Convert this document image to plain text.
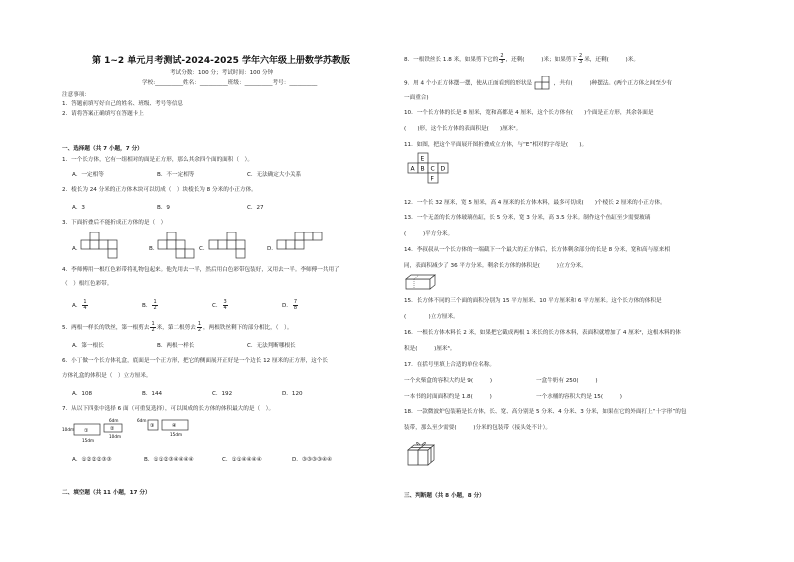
第 1~2 单元月考测试-2024-2025 学年六年级上册数学苏教版
考试分数：100 分；考试时间：100 分钟
学校:__________姓名：__________班级：__________考号：__________
注意事项：
1．答题前填写好自己的姓名、班级、考号等信息
2．请将答案正确填写在答题卡上
一、选择题（共 7 小题，7 分）
1．一个长方体，它有一组相对的面是正方形，那么其余四个面的面积（　）。
A．一定相等	B．不一定相等	C．无法确定大小关系
2．棱长为 24 分米的正方体木块可以切成（　）块棱长为 8 分米的小正方体。
A．3	B．9	C．27
3．下面折叠后不能折成正方体的是（　）
A．	B．	C．	D．
4．李师傅用一根红色彩带将礼物包起来。他先用去一半，然后用白色彩带包装好，又用去一半。李师傅一共用了
（　）根红色彩带。
A． $\frac{1}{4}$	B． $\frac{1}{2}$	C． $\frac{3}{4}$	D． $\frac{7}{8}$
5．两根一样长的铁丝，第一根剪去 $\frac{1}{2}$ 米，第二根剪去 $\frac{1}{2}$ ，两根铁丝剩下的部分相比，（　）。
A．第一根长	B．两根一样长	C．无法判断哪根长
6．小丁做一个长方体礼盒，底面是一个正方形，把它的侧面展开正好是一个边长 12 厘米的正方形，这个长
方体礼盒的体积是（　）立方厘米。
A．108	B．144	C．192	D．120
7．从以下四张中选择 6 面（可重复选择），可以围成的长方体的体积最大的是（　）。
10dm ①
15dm
6dm
②
10dm
6dm
③	④
15dm
A．①②②②③③	B．①①②③④④④④	C．①①④④④④	D．③③③③④④
二、填空题（共 11 小题，17 分）
8．一根铁丝长 1.8 米，如果剪下它的 $\frac{2}{3}$ ，还剩(　　　)米；如果剪下 $\frac{2}{3}$ 米，还剩(　　　)米。
9．用 4 个小正方体摆一摆，使从正面看到的形状是	，共有(　　　)种摆法。(两个正方体之间至少有
一面重合)
10．一个长方体的长是 8 厘米，宽和高都是 4 厘米，这个长方体有(　　)个面是正方形，其余各面是
(　　)形，这个长方体的表面积是(　　)厘米²。
11．如图，把这个平面展开图折叠成立方体，与“E”相对的字母是(　　)。
E
A B C D
F
12．一个长 32 厘米，宽 5 厘米，高 4 厘米的长方体木料，最多可切成(　　)个棱长 2 厘米的小正方体。
13．一个无盖的长方体玻璃鱼缸，长 5 分米，宽 3 分米，高 3.5 分米。制作这个鱼缸至少需要玻璃
(　　　)平方分米。
14．李叔叔从一个长方体的一端截下一个最大的正方体后，长方体剩余部分的长是 8 分米，宽和高与原来相
同，表面积减少了 36 平方分米。剩余长方体的体积是(　　　)立方分米。
15．长方体不同的三个面的面积分别为 15 平方厘米、10 平方厘米和 6 平方厘米。这个长方体的体积是
(　　　　)立方厘米。
16．一根长方体木料长 2 米，如果把它截成两根 1 米长的长方体木料，表面积就增加了 4 厘米²，这根木料的体
积是(　　　)厘米³。
17．在括号里填上合适的单位名称。
一个火柴盒的容积大约是 9(　　　)	一盒牛奶有 250(　　　)
一本书的封面面积约是 1.8(　　　)	一个水桶的容积大约是 15(　　　)
18．一款微波炉包装箱是长方体，长、宽、高分别是 5 分米、4 分米、3 分米，如果在它的外面打上“十字形”的包
装带，那么至少需要(　　　)分米的包装带（接头处不计）。
三、判断题（共 8 小题，8 分）
